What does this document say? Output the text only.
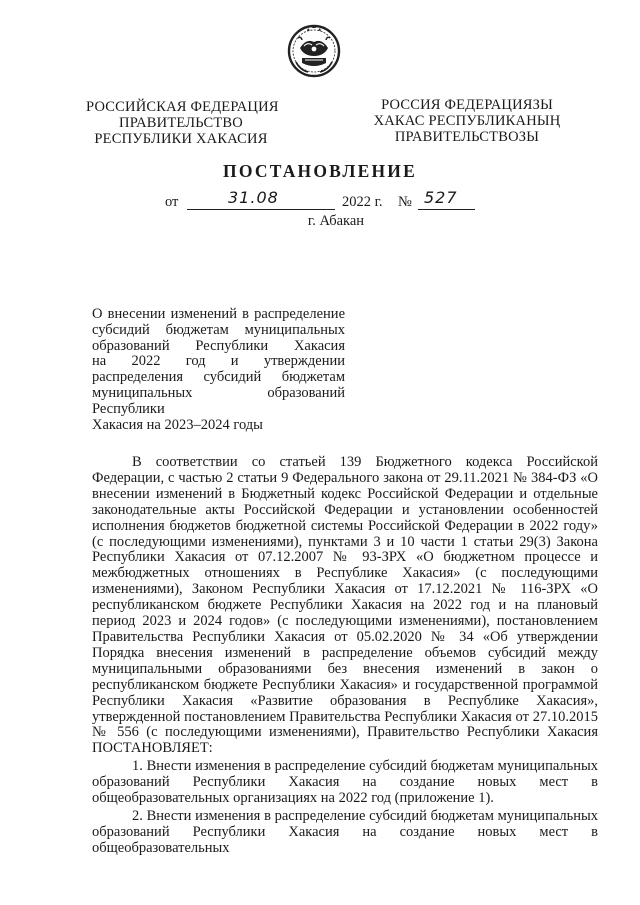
РОССИЙСКАЯ ФЕДЕРАЦИЯ
ПРАВИТЕЛЬСТВО
РЕСПУБЛИКИ ХАКАСИЯ
РОССИЯ ФЕДЕРАЦИЯЗЫ
ХАКАС РЕСПУБЛИКАНЫҢ
ПРАВИТЕЛЬСТВОЗЫ
ПОСТАНОВЛЕНИЕ
от	31.08	2022 г. № 527
г. Абакан
О внесении изменений в распределение
субсидий бюджетам муниципальных
образований Республики Хакасия
на 2022 год и утверждении
распределения субсидий бюджетам
муниципальных образований Республики
Хакасия на 2023–2024 годы

В соответствии со статьей 139 Бюджетного кодекса Российской Федерации, с частью 2 статьи 9 Федерального закона от 29.11.2021 № 384-ФЗ «О внесении изменений в Бюджетный кодекс Российской Федерации и отдельные законодательные акты Российской Федерации и установлении особенностей исполнения бюджетов бюджетной системы Российской Федерации в 2022 году» (с последующими изменениями), пунктами 3 и 10 части 1 статьи 29(3) Закона Республики Хакасия от 07.12.2007 № 93-ЗРХ «О бюджетном процессе и межбюджетных отношениях в Республике Хакасия» (с последующими изменениями), Законом Республики Хакасия от 17.12.2021 № 116-ЗРХ «О республиканском бюджете Республики Хакасия на 2022 год и на плановый период 2023 и 2024 годов» (с последующими изменениями), постановлением Правительства Республики Хакасия от 05.02.2020 № 34 «Об утверждении Порядка внесения изменений в распределение объемов субсидий между муниципальными образованиями без внесения изменений в закон о республиканском бюджете Республики Хакасия» и государственной программой Республики Хакасия «Развитие образования в Республике Хакасия», утвержденной постановлением Правительства Республики Хакасия от 27.10.2015 № 556 (с последующими изменениями), Правительство Республики Хакасия ПОСТАНОВЛЯЕТ:

1. Внести изменения в распределение субсидий бюджетам муниципальных образований Республики Хакасия на создание новых мест в общеобразовательных организациях на 2022 год (приложение 1).

2. Внести изменения в распределение субсидий бюджетам муниципальных образований Республики Хакасия на создание новых мест в общеобразовательных
